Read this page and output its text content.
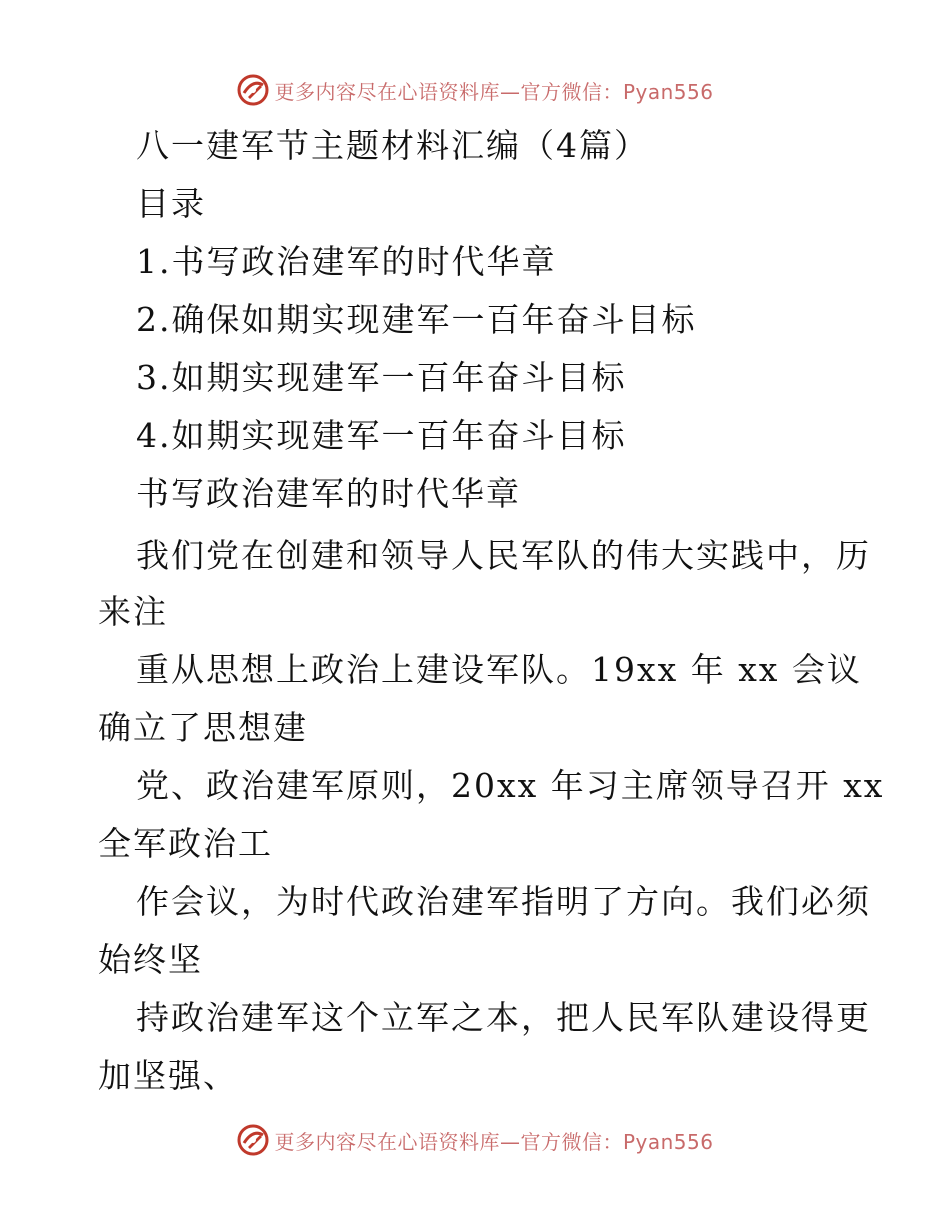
更多内容尽在心语资料库—官方微信：Pyan556
八一建军节主题材料汇编（4篇）
目录
1.书写政治建军的时代华章
2.确保如期实现建军一百年奋斗目标
3.如期实现建军一百年奋斗目标
4.如期实现建军一百年奋斗目标
书写政治建军的时代华章
我们党在创建和领导人民军队的伟大实践中，历
来注
重从思想上政治上建设军队。19xx 年 xx 会议
确立了思想建
党、政治建军原则，20xx 年习主席领导召开 xx
全军政治工
作会议，为时代政治建军指明了方向。我们必须
始终坚
持政治建军这个立军之本，把人民军队建设得更
加坚强、
更多内容尽在心语资料库—官方微信：Pyan556
